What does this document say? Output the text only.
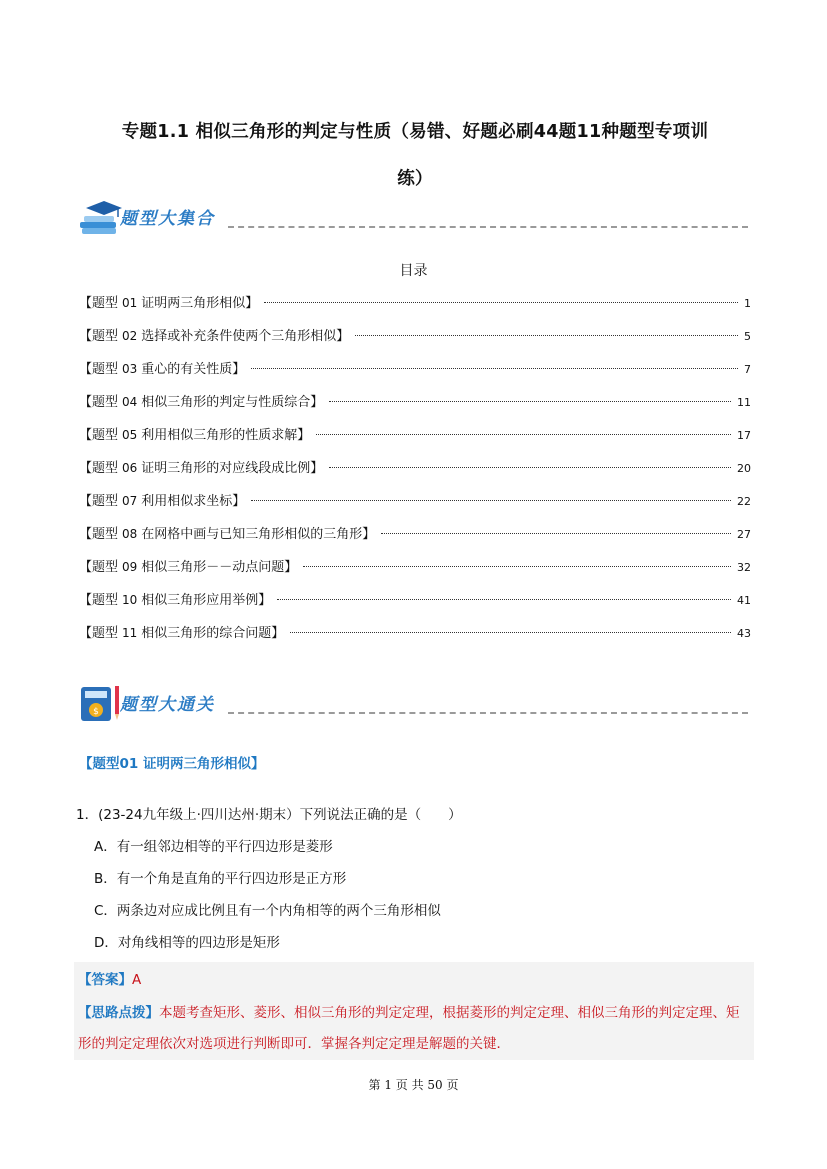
专题1.1 相似三角形的判定与性质（易错、好题必刷44题11种题型专项训
练）
题型大集合
目录
【题型 01 证明两三角形相似】	1
【题型 02 选择或补充条件使两个三角形相似】	5
【题型 03 重心的有关性质】	7
【题型 04 相似三角形的判定与性质综合】	11
【题型 05 利用相似三角形的性质求解】	17
【题型 06 证明三角形的对应线段成比例】	20
【题型 07 利用相似求坐标】	22
【题型 08 在网格中画与已知三角形相似的三角形】	27
【题型 09 相似三角形－－动点问题】	32
【题型 10 相似三角形应用举例】	41
【题型 11 相似三角形的综合问题】	43
$ 题型大通关
【题型01 证明两三角形相似】
1．(23-24九年级上·四川达州·期末）下列说法正确的是（　　）
A．有一组邻边相等的平行四边形是菱形
B．有一个角是直角的平行四边形是正方形
C．两条边对应成比例且有一个内角相等的两个三角形相似
D．对角线相等的四边形是矩形
【答案】A
【思路点拨】本题考查矩形、菱形、相似三角形的判定定理，根据菱形的判定定理、相似三角形的判定定理、矩形的判定定理依次对选项进行判断即可．掌握各判定定理是解题的关键．
第 1 页 共 50 页
